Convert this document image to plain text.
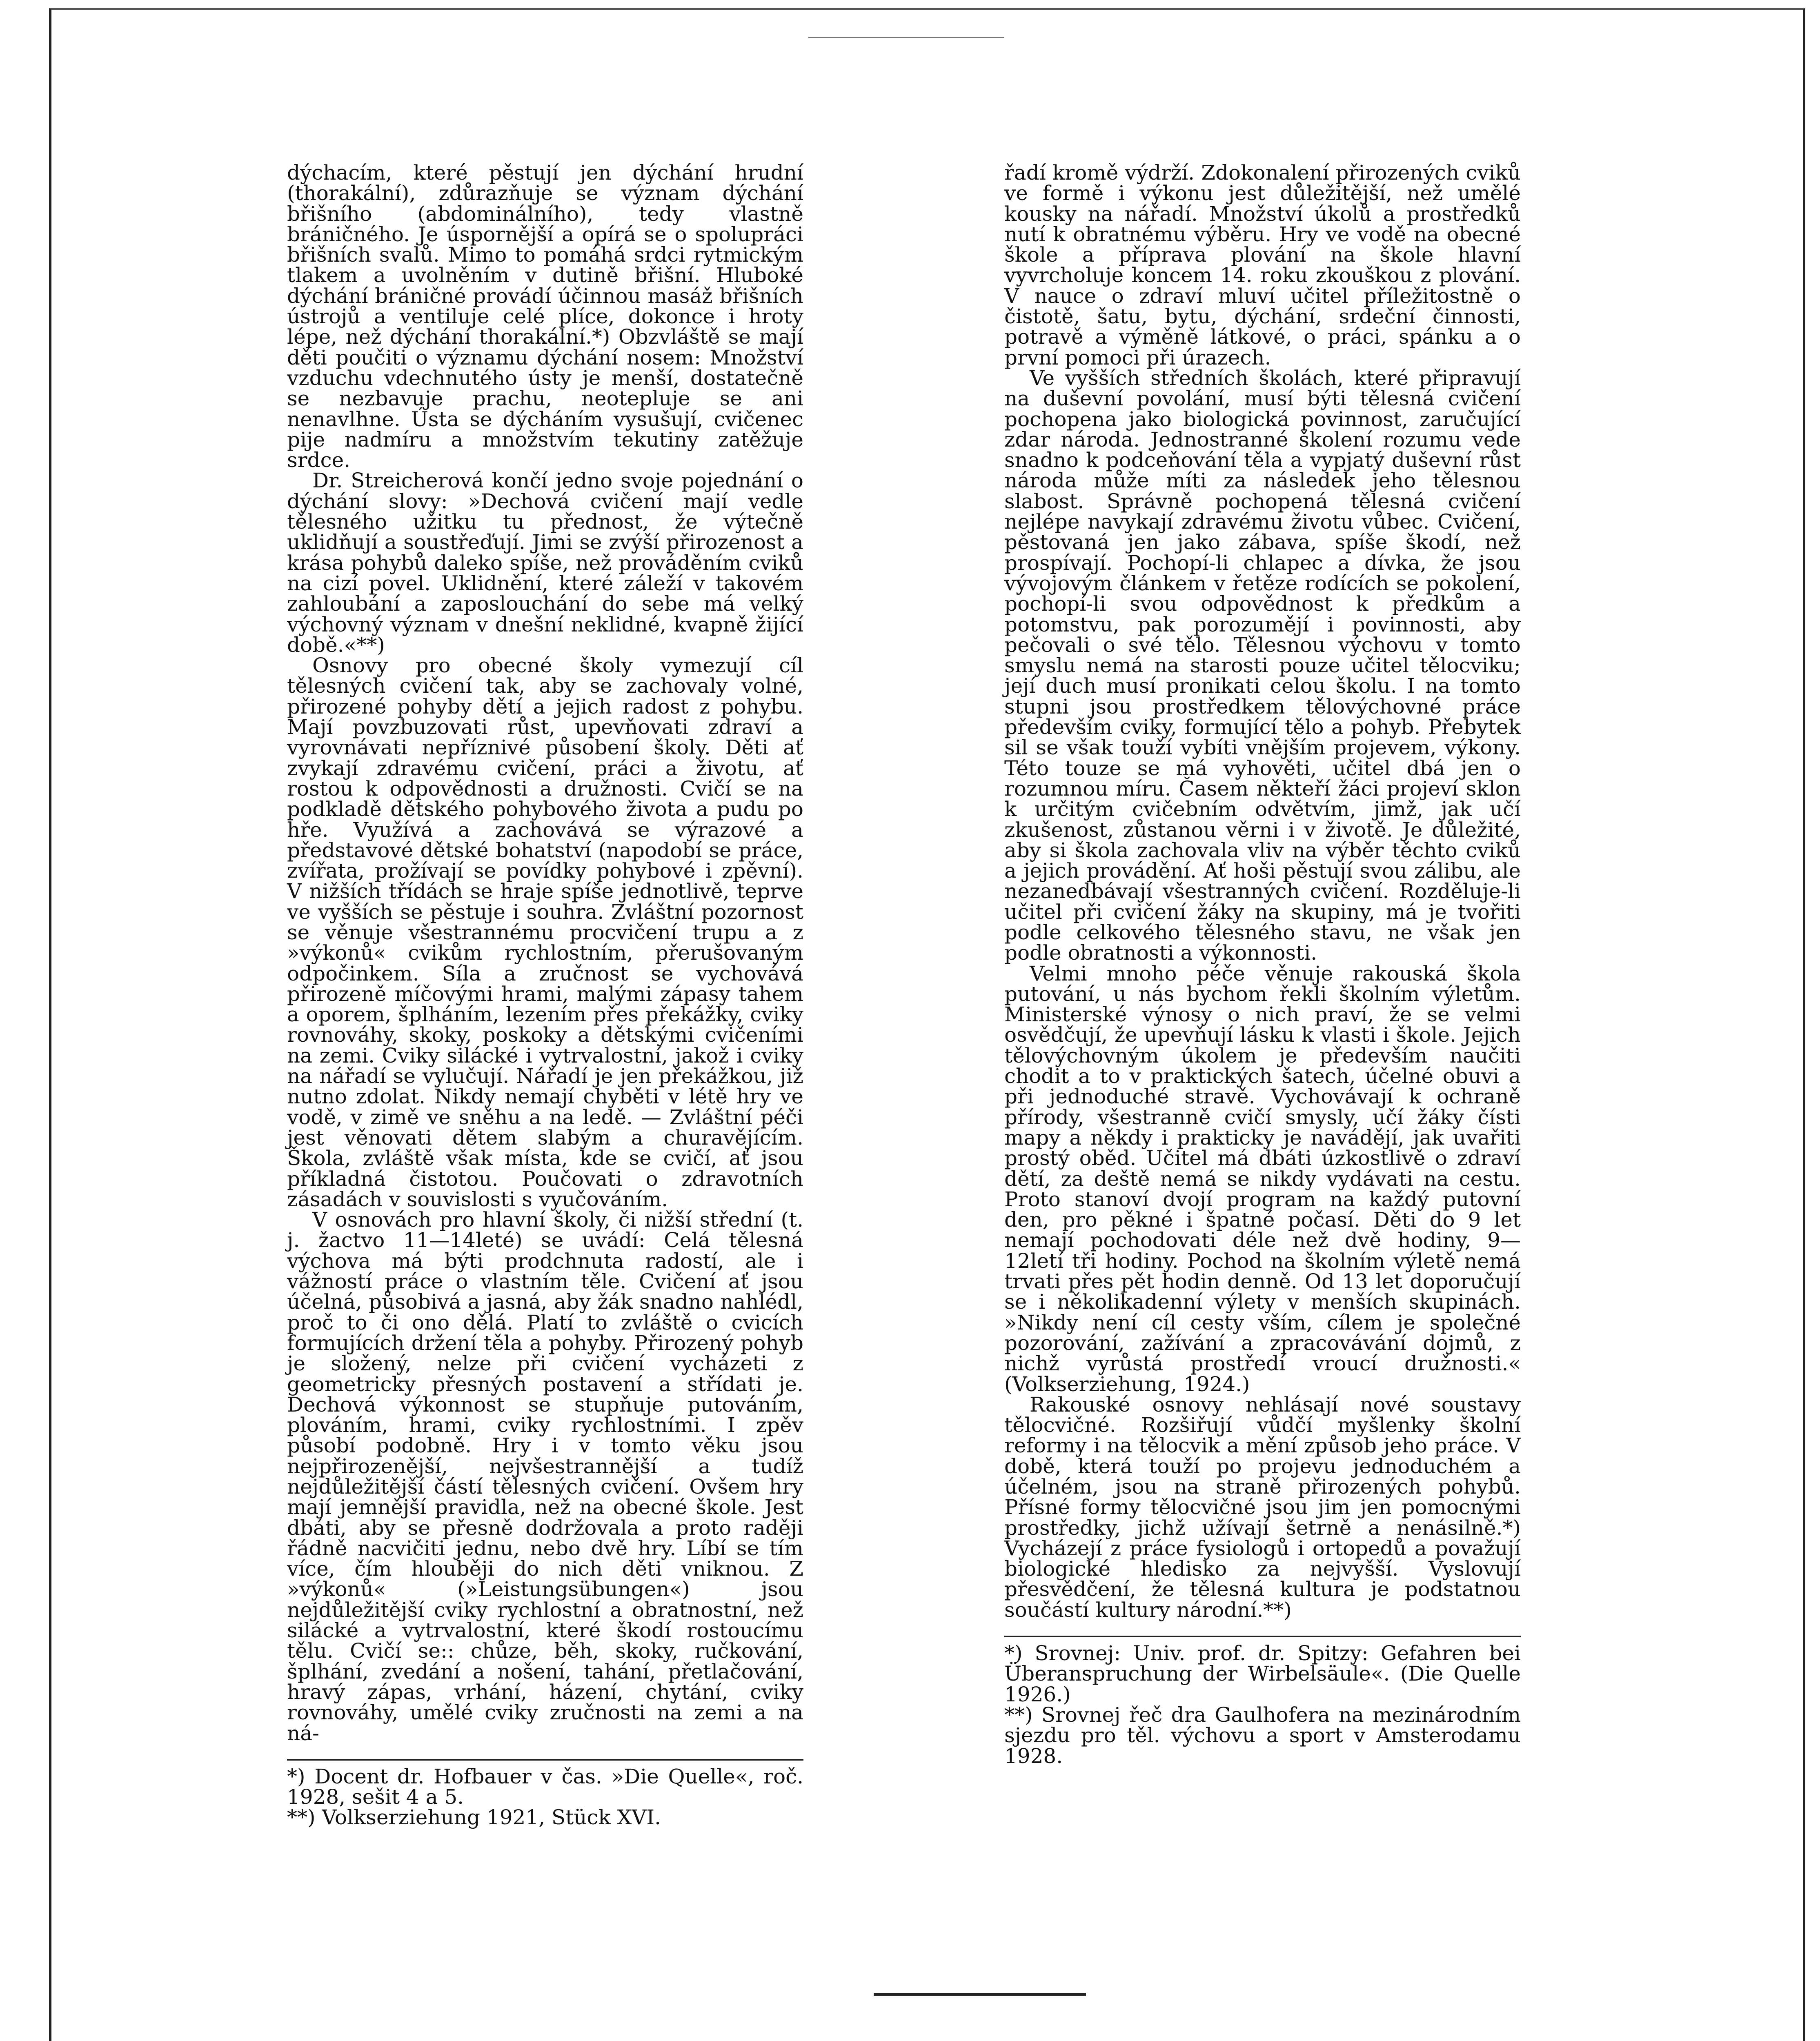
dýchacím, které pěstují jen dýchání hrudní (thorakální), zdůrazňuje se význam dýchání břišního (abdominálního), tedy vlastně bráničného. Je úspornější a opírá se o spolupráci břišních svalů. Mimo to pomáhá srdci rytmickým tlakem a uvolněním v dutině břišní. Hluboké dýchání bráničné provádí účinnou masáž břišních ústrojů a ventiluje celé plíce, dokonce i hroty lépe, než dýchání thorakální.*) Obzvláště se mají děti poučiti o významu dýchání nosem: Množství vzduchu vdechnutého ústy je menší, dostatečně se nezbavuje prachu, neotepluje se ani nenavlhne. Ústa se dýcháním vysušují, cvičenec pije nadmíru a množstvím tekutiny zatěžuje srdce.

Dr. Streicherová končí jedno svoje pojednání o dýchání slovy: »Dechová cvičení mají vedle tělesného užitku tu přednost, že výtečně uklidňují a soustřeďují. Jimi se zvýší přirozenost a krása pohybů daleko spíše, než prováděním cviků na cizí povel. Uklidnění, které záleží v takovém zahloubání a zaposlouchání do sebe má velký výchovný význam v dnešní neklidné, kvapně žijící době.«**)

Osnovy pro obecné školy vymezují cíl tělesných cvičení tak, aby se zachovaly volné, přirozené pohyby dětí a jejich radost z pohybu. Mají povzbuzovati růst, upevňovati zdraví a vyrovnávati nepříznivé působení školy. Děti ať zvykají zdravému cvičení, práci a životu, ať rostou k odpovědnosti a družnosti. Cvičí se na podkladě dětského pohybového života a pudu po hře. Využívá a zachovává se výrazové a představové dětské bohatství (napodobí se práce, zvířata, prožívají se povídky pohybové i zpěvní). V nižších třídách se hraje spíše jednotlivě, teprve ve vyšších se pěstuje i souhra. Zvláštní pozornost se věnuje všestrannému procvičení trupu a z »výkonů« cvikům rychlostním, přerušovaným odpočinkem. Síla a zručnost se vychovává přirozeně míčovými hrami, malými zápasy tahem a oporem, šplháním, lezením přes překážky, cviky rovnováhy, skoky, poskoky a dětskými cvičeními na zemi. Cviky silácké i vytrvalostní, jakož i cviky na nářadí se vylučují. Nářadí je jen překážkou, již nutno zdolat. Nikdy nemají chyběti v létě hry ve vodě, v zimě ve sněhu a na ledě. — Zvláštní péči jest věnovati dětem slabým a churavějícím. Škola, zvláště však místa, kde se cvičí, ať jsou příkladná čistotou. Poučovati o zdravotních zásadách v souvislosti s vyučováním.

V osnovách pro hlavní školy, či nižší střední (t. j. žactvo 11—14leté) se uvádí: Celá tělesná výchova má býti prodchnuta radostí, ale i vážností práce o vlastním těle. Cvičení ať jsou účelná, působivá a jasná, aby žák snadno nahlédl, proč to či ono dělá. Platí to zvláště o cvicích formujících držení těla a pohyby. Přirozený pohyb je složený, nelze při cvičení vycházeti z geometricky přesných postavení a střídati je. Dechová výkonnost se stupňuje putováním, plováním, hrami, cviky rychlostními. I zpěv působí podobně. Hry i v tomto věku jsou nejpřirozenější, nejvšestrannější a tudíž nejdůležitější částí tělesných cvičení. Ovšem hry mají jemnější pravidla, než na obecné škole. Jest dbáti, aby se přesně dodržovala a proto raději řádně nacvičiti jednu, nebo dvě hry. Líbí se tím více, čím hlouběji do nich děti vniknou. Z »výkonů« (»Leistungsübungen«) jsou nejdůležitější cviky rychlostní a obratnostní, než silácké a vytrvalostní, které škodí rostoucímu tělu. Cvičí se:: chůze, běh, skoky, ručkování, šplhání, zvedání a nošení, tahání, přetlačování, hravý zápas, vrhání, házení, chytání, cviky rovnováhy, umělé cviky zručnosti na zemi a na ná-

*) Docent dr. Hofbauer v čas. »Die Quelle«, roč. 1928, sešit 4 a 5.

**) Volkserziehung 1921, Stück XVI.

řadí kromě výdrží. Zdokonalení přirozených cviků ve formě i výkonu jest důležitější, než umělé kousky na nářadí. Množství úkolů a prostředků nutí k obratnému výběru. Hry ve vodě na obecné škole a příprava plování na škole hlavní vyvrcholuje koncem 14. roku zkouškou z plování. V nauce o zdraví mluví učitel příležitostně o čistotě, šatu, bytu, dýchání, srdeční činnosti, potravě a výměně látkové, o práci, spánku a o první pomoci při úrazech.

Ve vyšších středních školách, které připravují na duševní povolání, musí býti tělesná cvičení pochopena jako biologická povinnost, zaručující zdar národa. Jednostranné školení rozumu vede snadno k podceňování těla a vypjatý duševní růst národa může míti za následek jeho tělesnou slabost. Správně pochopená tělesná cvičení nejlépe navykají zdravému životu vůbec. Cvičení, pěstovaná jen jako zábava, spíše škodí, než prospívají. Pochopí-li chlapec a dívka, že jsou vývojovým článkem v řetěze rodících se pokolení, pochopí-li svou odpovědnost k předkům a potomstvu, pak porozumějí i povinnosti, aby pečovali o své tělo. Tělesnou výchovu v tomto smyslu nemá na starosti pouze učitel tělocviku; její duch musí pronikati celou školu. I na tomto stupni jsou prostředkem tělovýchovné práce především cviky, formující tělo a pohyb. Přebytek sil se však touží vybíti vnějším projevem, výkony. Této touze se má vyhověti, učitel dbá jen o rozumnou míru. Časem někteří žáci projeví sklon k určitým cvičebním odvětvím, jimž, jak učí zkušenost, zůstanou věrni i v životě. Je důležité, aby si škola zachovala vliv na výběr těchto cviků a jejich provádění. Ať hoši pěstují svou zálibu, ale nezanedbávají všestranných cvičení. Rozděluje-li učitel při cvičení žáky na skupiny, má je tvořiti podle celkového tělesného stavu, ne však jen podle obratnosti a výkonnosti.

Velmi mnoho péče věnuje rakouská škola putování, u nás bychom řekli školním výletům. Ministerské výnosy o nich praví, že se velmi osvědčují, že upevňují lásku k vlasti i škole. Jejich tělovýchovným úkolem je především naučiti chodit a to v praktických šatech, účelné obuvi a při jednoduché stravě. Vychovávají k ochraně přírody, všestranně cvičí smysly, učí žáky čísti mapy a někdy i prakticky je navádějí, jak uvařiti prostý oběd. Učitel má dbáti úzkostlivě o zdraví dětí, za deště nemá se nikdy vydávati na cestu. Proto stanoví dvojí program na každý putovní den, pro pěkné i špatné počasí. Děti do 9 let nemají pochodovati déle než dvě hodiny, 9—12letí tři hodiny. Pochod na školním výletě nemá trvati přes pět hodin denně. Od 13 let doporučují se i několikadenní výlety v menších skupinách. »Nikdy není cíl cesty vším, cílem je společné pozorování, zažívání a zpracovávání dojmů, z nichž vyrůstá prostředí vroucí družnosti.« (Volkserziehung, 1924.)

Rakouské osnovy nehlásají nové soustavy tělocvičné. Rozšiřují vůdčí myšlenky školní reformy i na tělocvik a mění způsob jeho práce. V době, která touží po projevu jednoduchém a účelném, jsou na straně přirozených pohybů. Přísné formy tělocvičné jsou jim jen pomocnými prostředky, jichž užívají šetrně a nenásilně.*) Vycházejí z práce fysiologů i ortopedů a považují biologické hledisko za nejvyšší. Vyslovují přesvědčení, že tělesná kultura je podstatnou součástí kultury národní.**)

*) Srovnej: Univ. prof. dr. Spitzy: Gefahren bei Überanspruchung der Wirbelsäule«. (Die Quelle 1926.)

**) Srovnej řeč dra Gaulhofera na mezinárodním sjezdu pro těl. výchovu a sport v Amsterodamu 1928.
